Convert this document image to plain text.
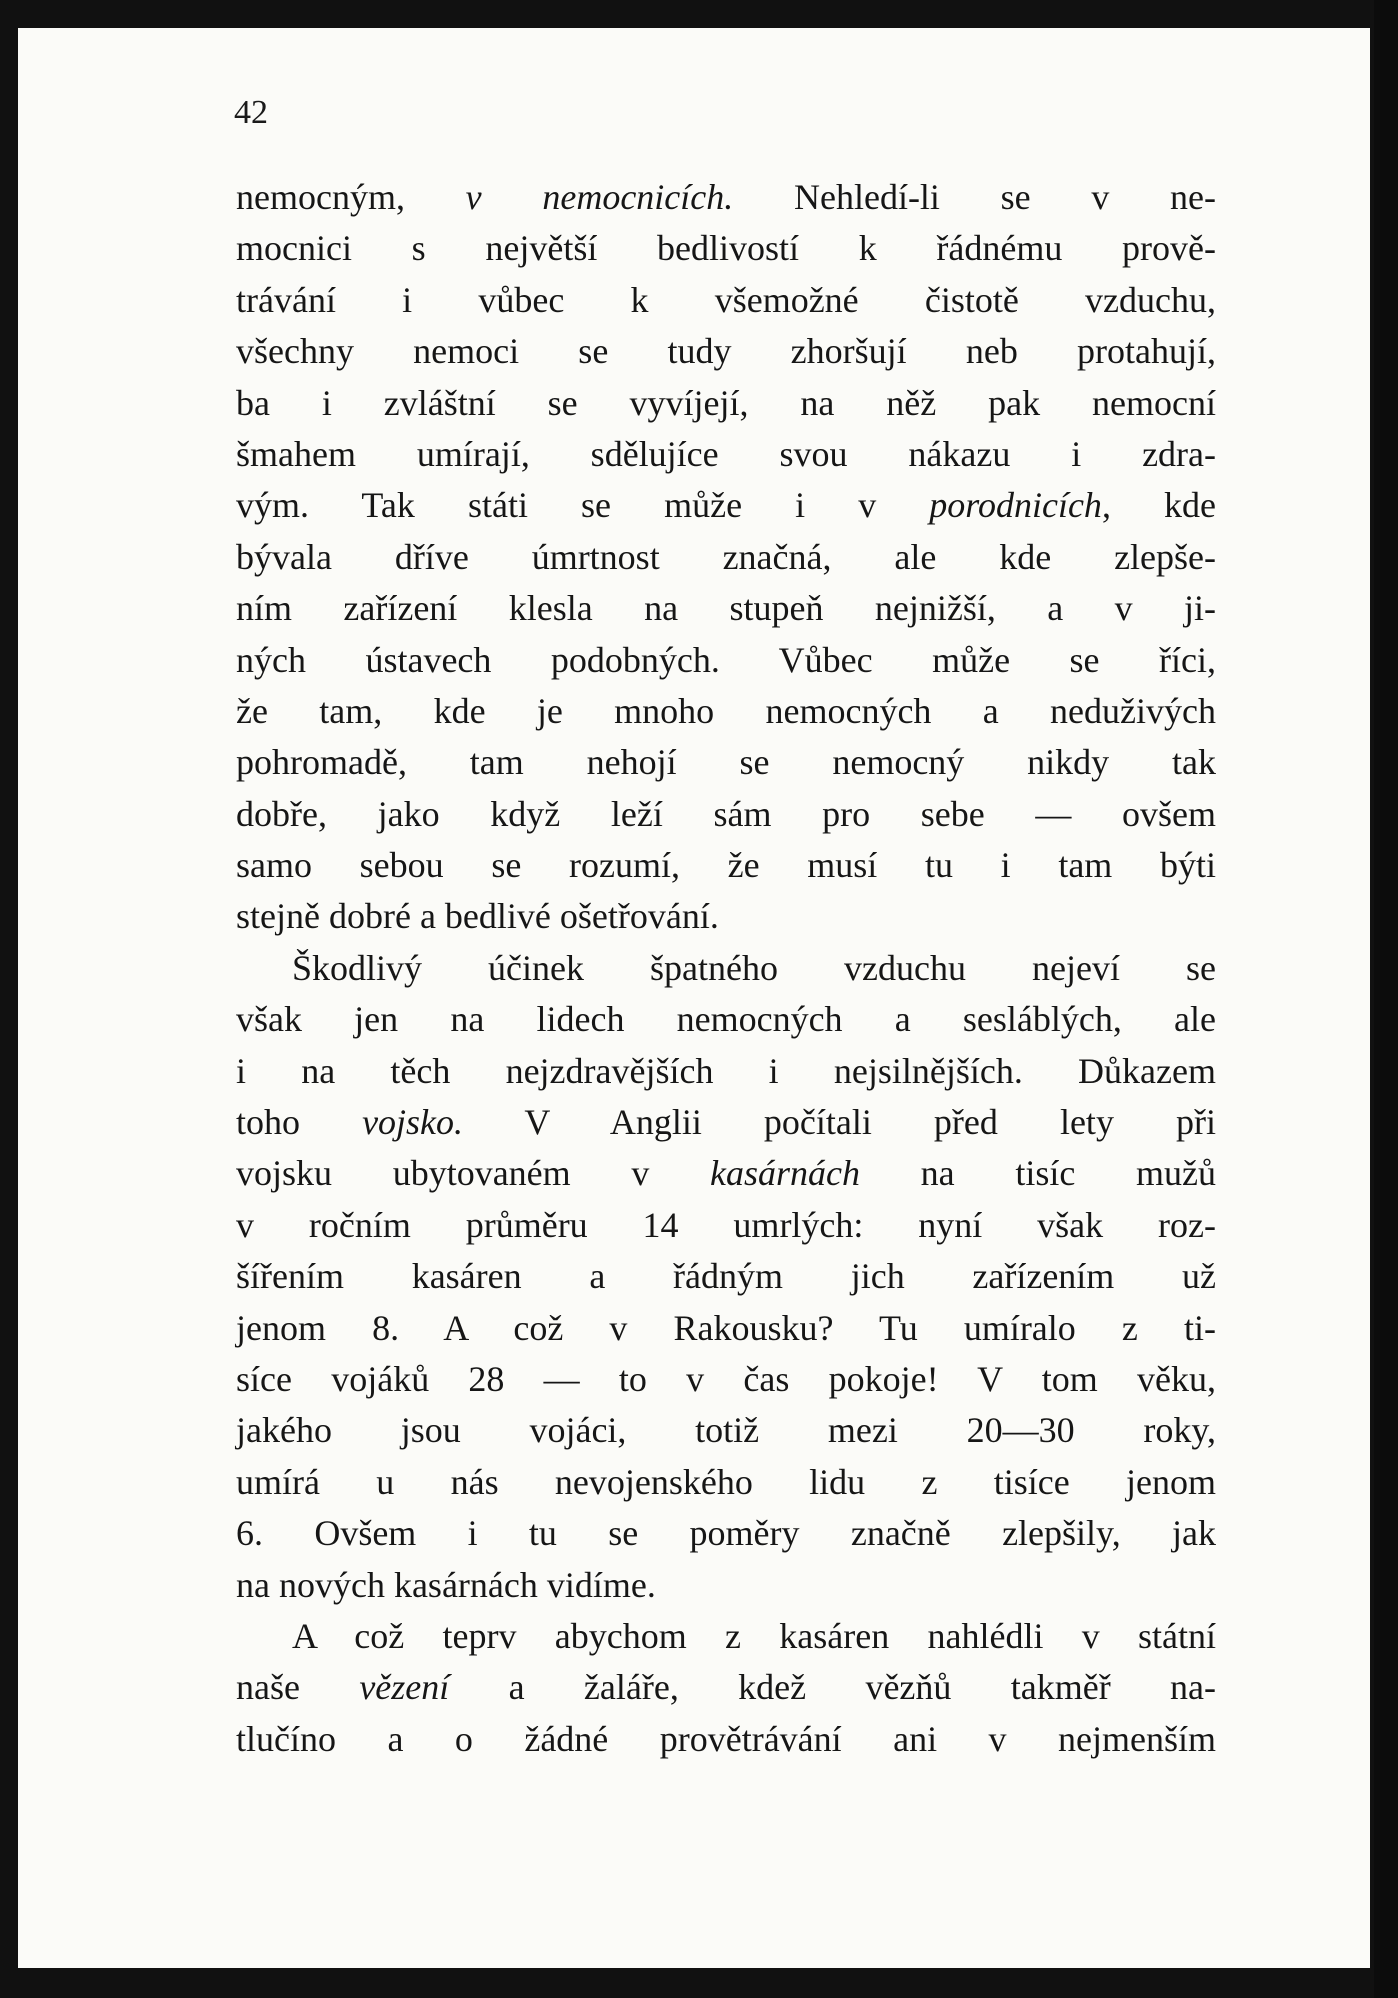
42
nemocným, v nemocnicích. Nehledí-li se v ne-
mocnici s největší bedlivostí k řádnému prově-
trávání i vůbec k všemožné čistotě vzduchu,
všechny nemoci se tudy zhoršují neb protahují,
ba i zvláštní se vyvíjejí, na něž pak nemocní
šmahem umírají, sdělujíce svou nákazu i zdra-
vým. Tak státi se může i v porodnicích, kde
bývala dříve úmrtnost značná, ale kde zlepše-
ním zařízení klesla na stupeň nejnižší, a v ji-
ných ústavech podobných. Vůbec může se říci,
že tam, kde je mnoho nemocných a neduživých
pohromadě, tam nehojí se nemocný nikdy tak
dobře, jako když leží sám pro sebe — ovšem
samo sebou se rozumí, že musí tu i tam býti
stejně dobré a bedlivé ošetřování.
Škodlivý účinek špatného vzduchu nejeví se
však jen na lidech nemocných a sesláblých, ale
i na těch nejzdravějších i nejsilnějších. Důkazem
toho vojsko. V Anglii počítali před lety při
vojsku ubytovaném v kasárnách na tisíc mužů
v ročním průměru 14 umrlých: nyní však roz-
šířením kasáren a řádným jich zařízením už
jenom 8. A což v Rakousku? Tu umíralo z ti-
síce vojáků 28 — to v čas pokoje! V tom věku,
jakého jsou vojáci, totiž mezi 20—30 roky,
umírá u nás nevojenského lidu z tisíce jenom
6. Ovšem i tu se poměry značně zlepšily, jak
na nových kasárnách vidíme.
A což teprv abychom z kasáren nahlédli v státní
naše vězení a žaláře, kdež vězňů takměř na-
tlučíno a o žádné provětrávání ani v nejmenším
